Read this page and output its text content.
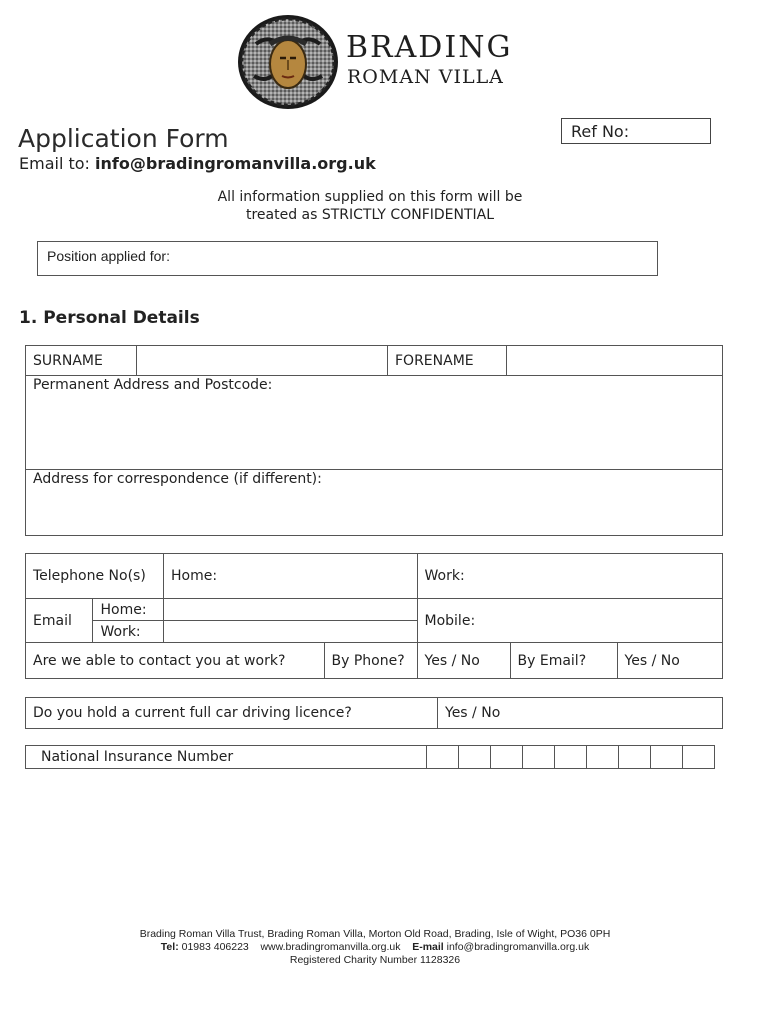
BRADING
ROMAN VILLA
Application Form
Email to: info@bradingromanvilla.org.uk
Ref No:
All information supplied on this form will be
treated as STRICTLY CONFIDENTIAL
Position applied for:
1. Personal Details
SURNAME		FORENAME	
Permanent Address and Postcode:
Address for correspondence (if different):
Telephone No(s)		Home:		Work:		
Email	Home:			Mobile:		
	Work:					
Are we able to contact you at work?			By Phone?	Yes / No	By Email?	Yes / No
Do you hold a current full car driving licence?	Yes / No
National Insurance Number									
Brading Roman Villa Trust, Brading Roman Villa, Morton Old Road, Brading, Isle of Wight, PO36 0PH
Tel: 01983 406223 www.bradingromanvilla.org.uk E-mail info@bradingromanvilla.org.uk
Registered Charity Number 1128326
